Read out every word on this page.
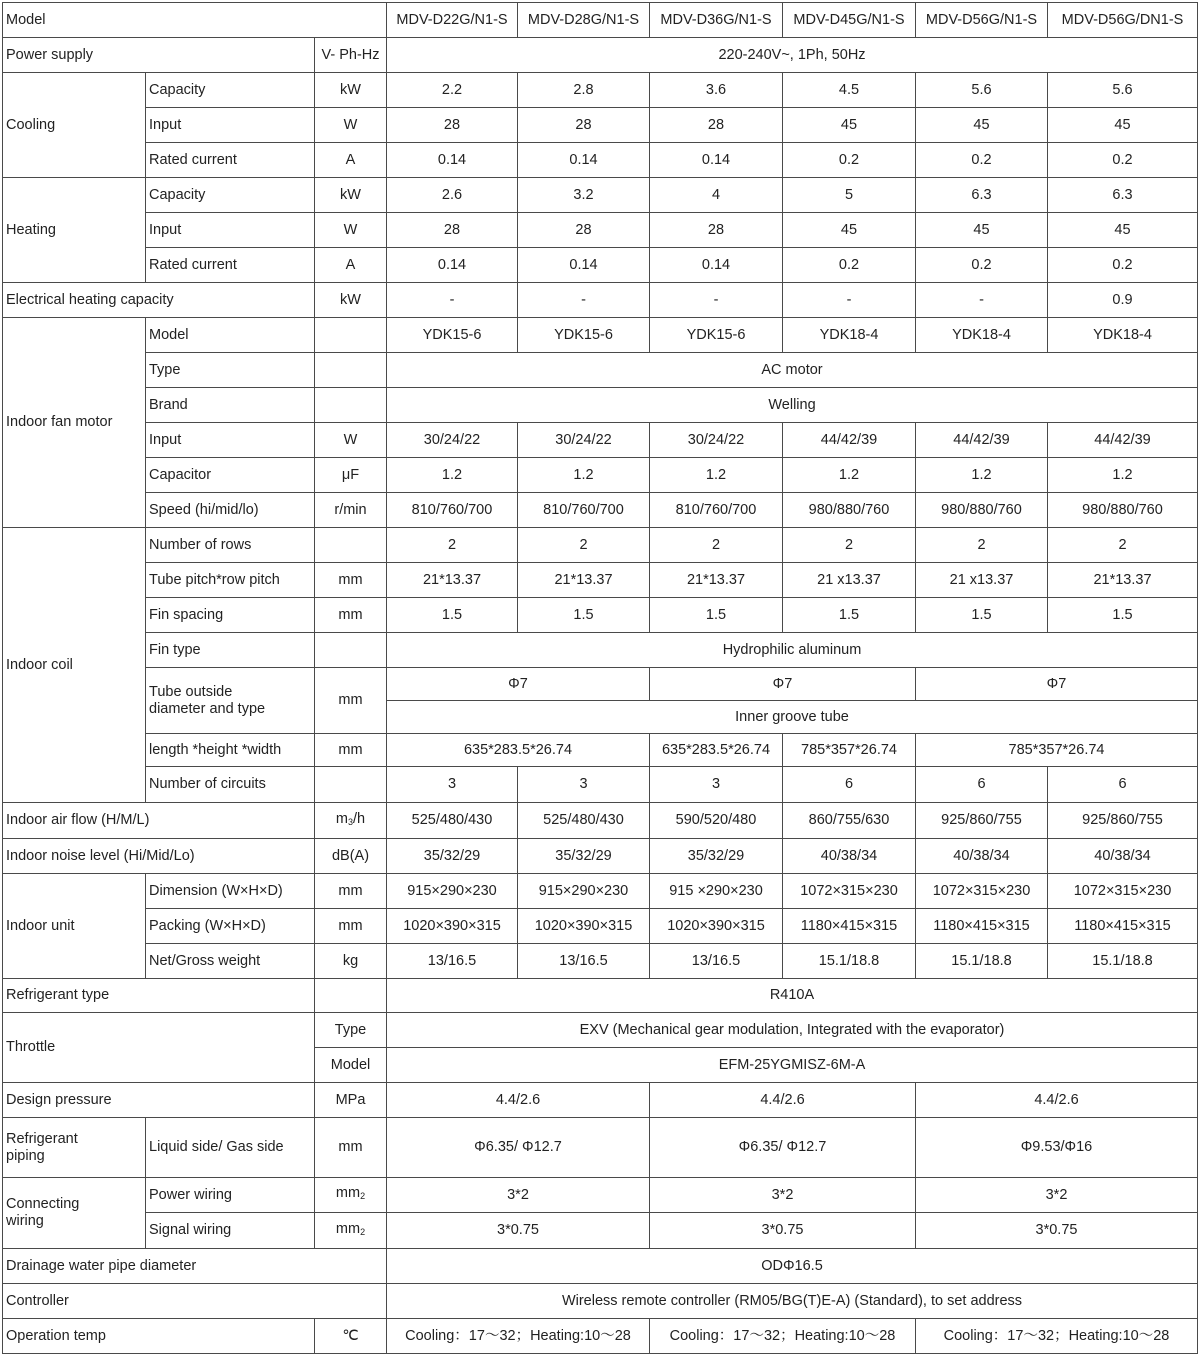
Model			MDV-D22G/N1-S	MDV-D28G/N1-S	MDV-D36G/N1-S	MDV-D45G/N1-S	MDV-D56G/N1-S	MDV-D56G/DN1-S
Power supply		V- Ph-Hz	220-240V~, 1Ph, 50Hz					
Cooling	Capacity	kW	2.2	2.8	3.6	4.5	5.6	5.6
	Input	W	28	28	28	45	45	45
	Rated current	A	0.14	0.14	0.14	0.2	0.2	0.2
Heating	Capacity	kW	2.6	3.2	4	5	6.3	6.3
	Input	W	28	28	28	45	45	45
	Rated current	A	0.14	0.14	0.14	0.2	0.2	0.2
Electrical heating capacity		kW	-	-	-	-	-	0.9
Indoor fan motor	Model		YDK15-6	YDK15-6	YDK15-6	YDK18-4	YDK18-4	YDK18-4
	Type		AC motor					
	Brand		Welling					
	Input	W	30/24/22	30/24/22	30/24/22	44/42/39	44/42/39	44/42/39
	Capacitor	μF	1.2	1.2	1.2	1.2	1.2	1.2
	Speed (hi/mid/lo)	r/min	810/760/700	810/760/700	810/760/700	980/880/760	980/880/760	980/880/760
Indoor coil	Number of rows		2	2	2	2	2	2
	Tube pitch*row pitch	mm	21*13.37	21*13.37	21*13.37	21 x13.37	21 x13.37	21*13.37
	Fin spacing	mm	1.5	1.5	1.5	1.5	1.5	1.5
	Fin type		Hydrophilic aluminum					
	Tube outside
diameter and type	mm	Φ7		Φ7		Φ7	
			Inner groove tube					
	length *height *width	mm	635*283.5*26.74		635*283.5*26.74	785*357*26.74	785*357*26.74	
	Number of circuits		3	3	3	6	6	6
Indoor air flow (H/M/L)		$m_3/h$	525/480/430	525/480/430	590/520/480	860/755/630	925/860/755	925/860/755
Indoor noise level (Hi/Mid/Lo)		dB(A)	35/32/29	35/32/29	35/32/29	40/38/34	40/38/34	40/38/34
Indoor unit	Dimension (W×H×D)	mm	915×290×230	915×290×230	915 ×290×230	1072×315×230	1072×315×230	1072×315×230
	Packing (W×H×D)	mm	1020×390×315	1020×390×315	1020×390×315	1180×415×315	1180×415×315	1180×415×315
	Net/Gross weight	kg	13/16.5	13/16.5	13/16.5	15.1/18.8	15.1/18.8	15.1/18.8
Refrigerant type			R410A					
Throttle		Type	EXV (Mechanical gear modulation, Integrated with the evaporator)					
		Model	EFM-25YGMISZ-6M-A					
Design pressure		MPa	4.4/2.6		4.4/2.6		4.4/2.6	
Refrigerant
piping	Liquid side/ Gas side	mm	Φ6.35/ Φ12.7		Φ6.35/ Φ12.7		Φ9.53/Φ16	
Connecting
wiring	Power wiring	$mm_2$	3*2		3*2		3*2	
	Signal wiring	$mm_2$	3*0.75		3*0.75		3*0.75	
Drainage water pipe diameter			ODΦ16.5					
Controller			Wireless remote controller (RM05/BG(T)E-A) (Standard), to set address					
Operation temp		℃	Cooling：17～32；Heating:10～28		Cooling：17～32；Heating:10～28		Cooling：17～32；Heating:10～28	
